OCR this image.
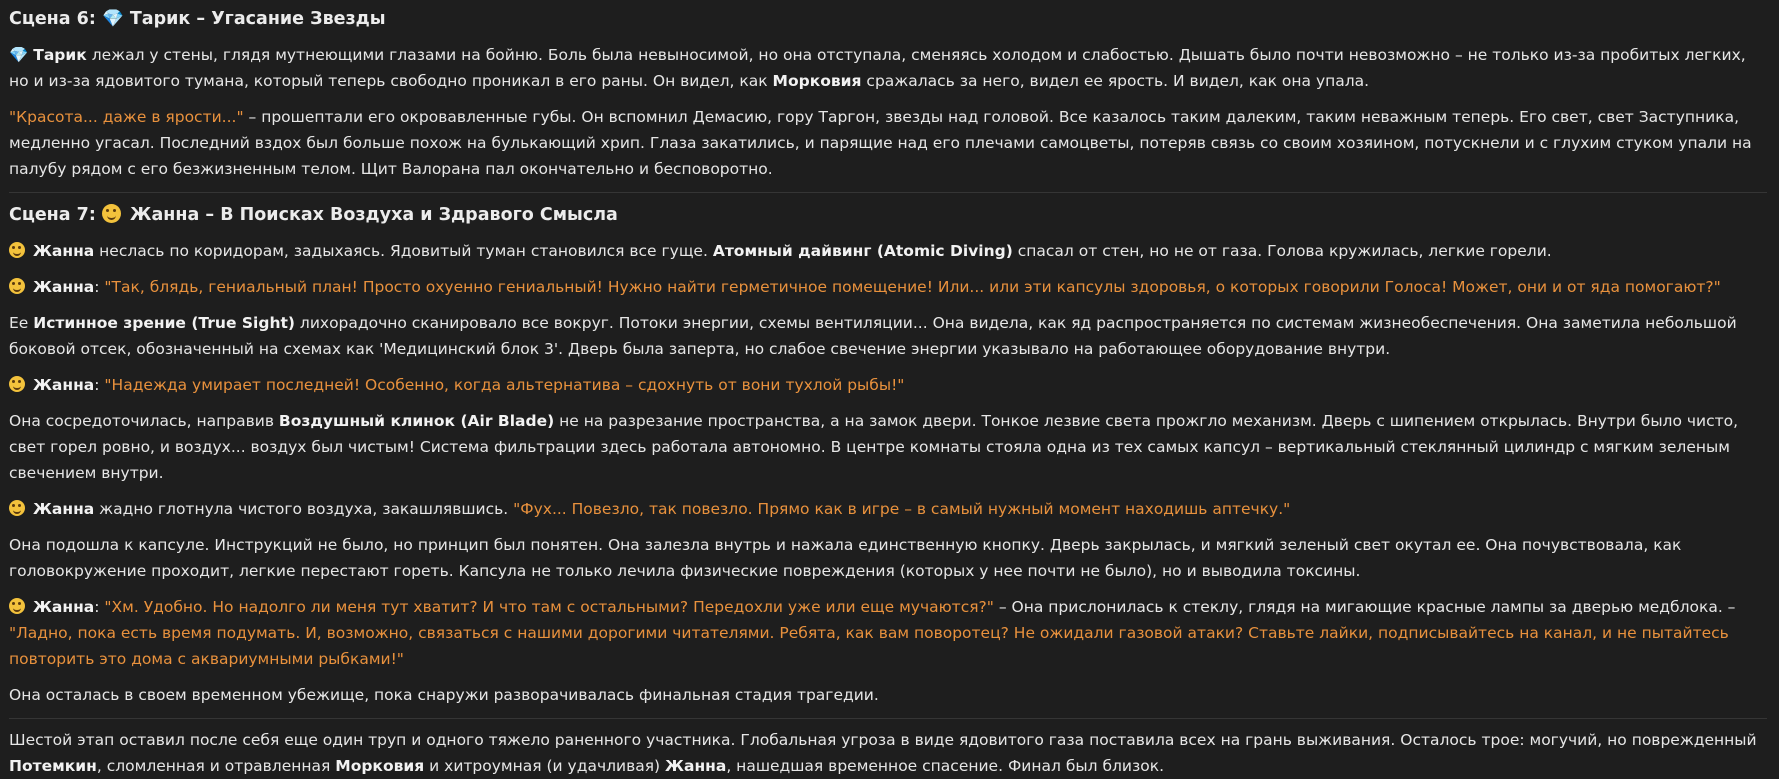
Сцена 6: 💎 Тарик – Угасание Звезды

💎 Тарик лежал у стены, глядя мутнеющими глазами на бойню. Боль была невыносимой, но она отступала, сменяясь холодом и слабостью. Дышать было почти невозможно – не только из-за пробитых легких, но и из-за ядовитого тумана, который теперь свободно проникал в его раны. Он видел, как Морковия сражалась за него, видел ее ярость. И видел, как она упала.

"Красота... даже в ярости..." – прошептали его окровавленные губы. Он вспомнил Демасию, гору Таргон, звезды над головой. Все казалось таким далеким, таким неважным теперь. Его свет, свет Заступника, медленно угасал. Последний вздох был больше похож на булькающий хрип. Глаза закатились, и парящие над его плечами самоцветы, потеряв связь со своим хозяином, потускнели и с глухим стуком упали на палубу рядом с его безжизненным телом. Щит Валорана пал окончательно и бесповоротно.

Сцена 7: Жанна – В Поисках Воздуха и Здравого Смысла

Жанна неслась по коридорам, задыхаясь. Ядовитый туман становился все гуще. Атомный дайвинг (Atomic Diving) спасал от стен, но не от газа. Голова кружилась, легкие горели.

Жанна: "Так, блядь, гениальный план! Просто охуенно гениальный! Нужно найти герметичное помещение! Или... или эти капсулы здоровья, о которых говорили Голоса! Может, они и от яда помогают?"

Ее Истинное зрение (True Sight) лихорадочно сканировало все вокруг. Потоки энергии, схемы вентиляции... Она видела, как яд распространяется по системам жизнеобеспечения. Она заметила небольшой боковой отсек, обозначенный на схемах как 'Медицинский блок 3'. Дверь была заперта, но слабое свечение энергии указывало на работающее оборудование внутри.

Жанна: "Надежда умирает последней! Особенно, когда альтернатива – сдохнуть от вони тухлой рыбы!"

Она сосредоточилась, направив Воздушный клинок (Air Blade) не на разрезание пространства, а на замок двери. Тонкое лезвие света прожгло механизм. Дверь с шипением открылась. Внутри было чисто, свет горел ровно, и воздух... воздух был чистым! Система фильтрации здесь работала автономно. В центре комнаты стояла одна из тех самых капсул – вертикальный стеклянный цилиндр с мягким зеленым свечением внутри.

Жанна жадно глотнула чистого воздуха, закашлявшись. "Фух... Повезло, так повезло. Прямо как в игре – в самый нужный момент находишь аптечку."

Она подошла к капсуле. Инструкций не было, но принцип был понятен. Она залезла внутрь и нажала единственную кнопку. Дверь закрылась, и мягкий зеленый свет окутал ее. Она почувствовала, как головокружение проходит, легкие перестают гореть. Капсула не только лечила физические повреждения (которых у нее почти не было), но и выводила токсины.

Жанна: "Хм. Удобно. Но надолго ли меня тут хватит? И что там с остальными? Передохли уже или еще мучаются?" – Она прислонилась к стеклу, глядя на мигающие красные лампы за дверью медблока. – "Ладно, пока есть время подумать. И, возможно, связаться с нашими дорогими читателями. Ребята, как вам поворотец? Не ожидали газовой атаки? Ставьте лайки, подписывайтесь на канал, и не пытайтесь повторить это дома с аквариумными рыбками!"

Она осталась в своем временном убежище, пока снаружи разворачивалась финальная стадия трагедии.

Шестой этап оставил после себя еще один труп и одного тяжело раненного участника. Глобальная угроза в виде ядовитого газа поставила всех на грань выживания. Осталось трое: могучий, но поврежденный Потемкин, сломленная и отравленная Морковия и хитроумная (и удачливая) Жанна, нашедшая временное спасение. Финал был близок.
